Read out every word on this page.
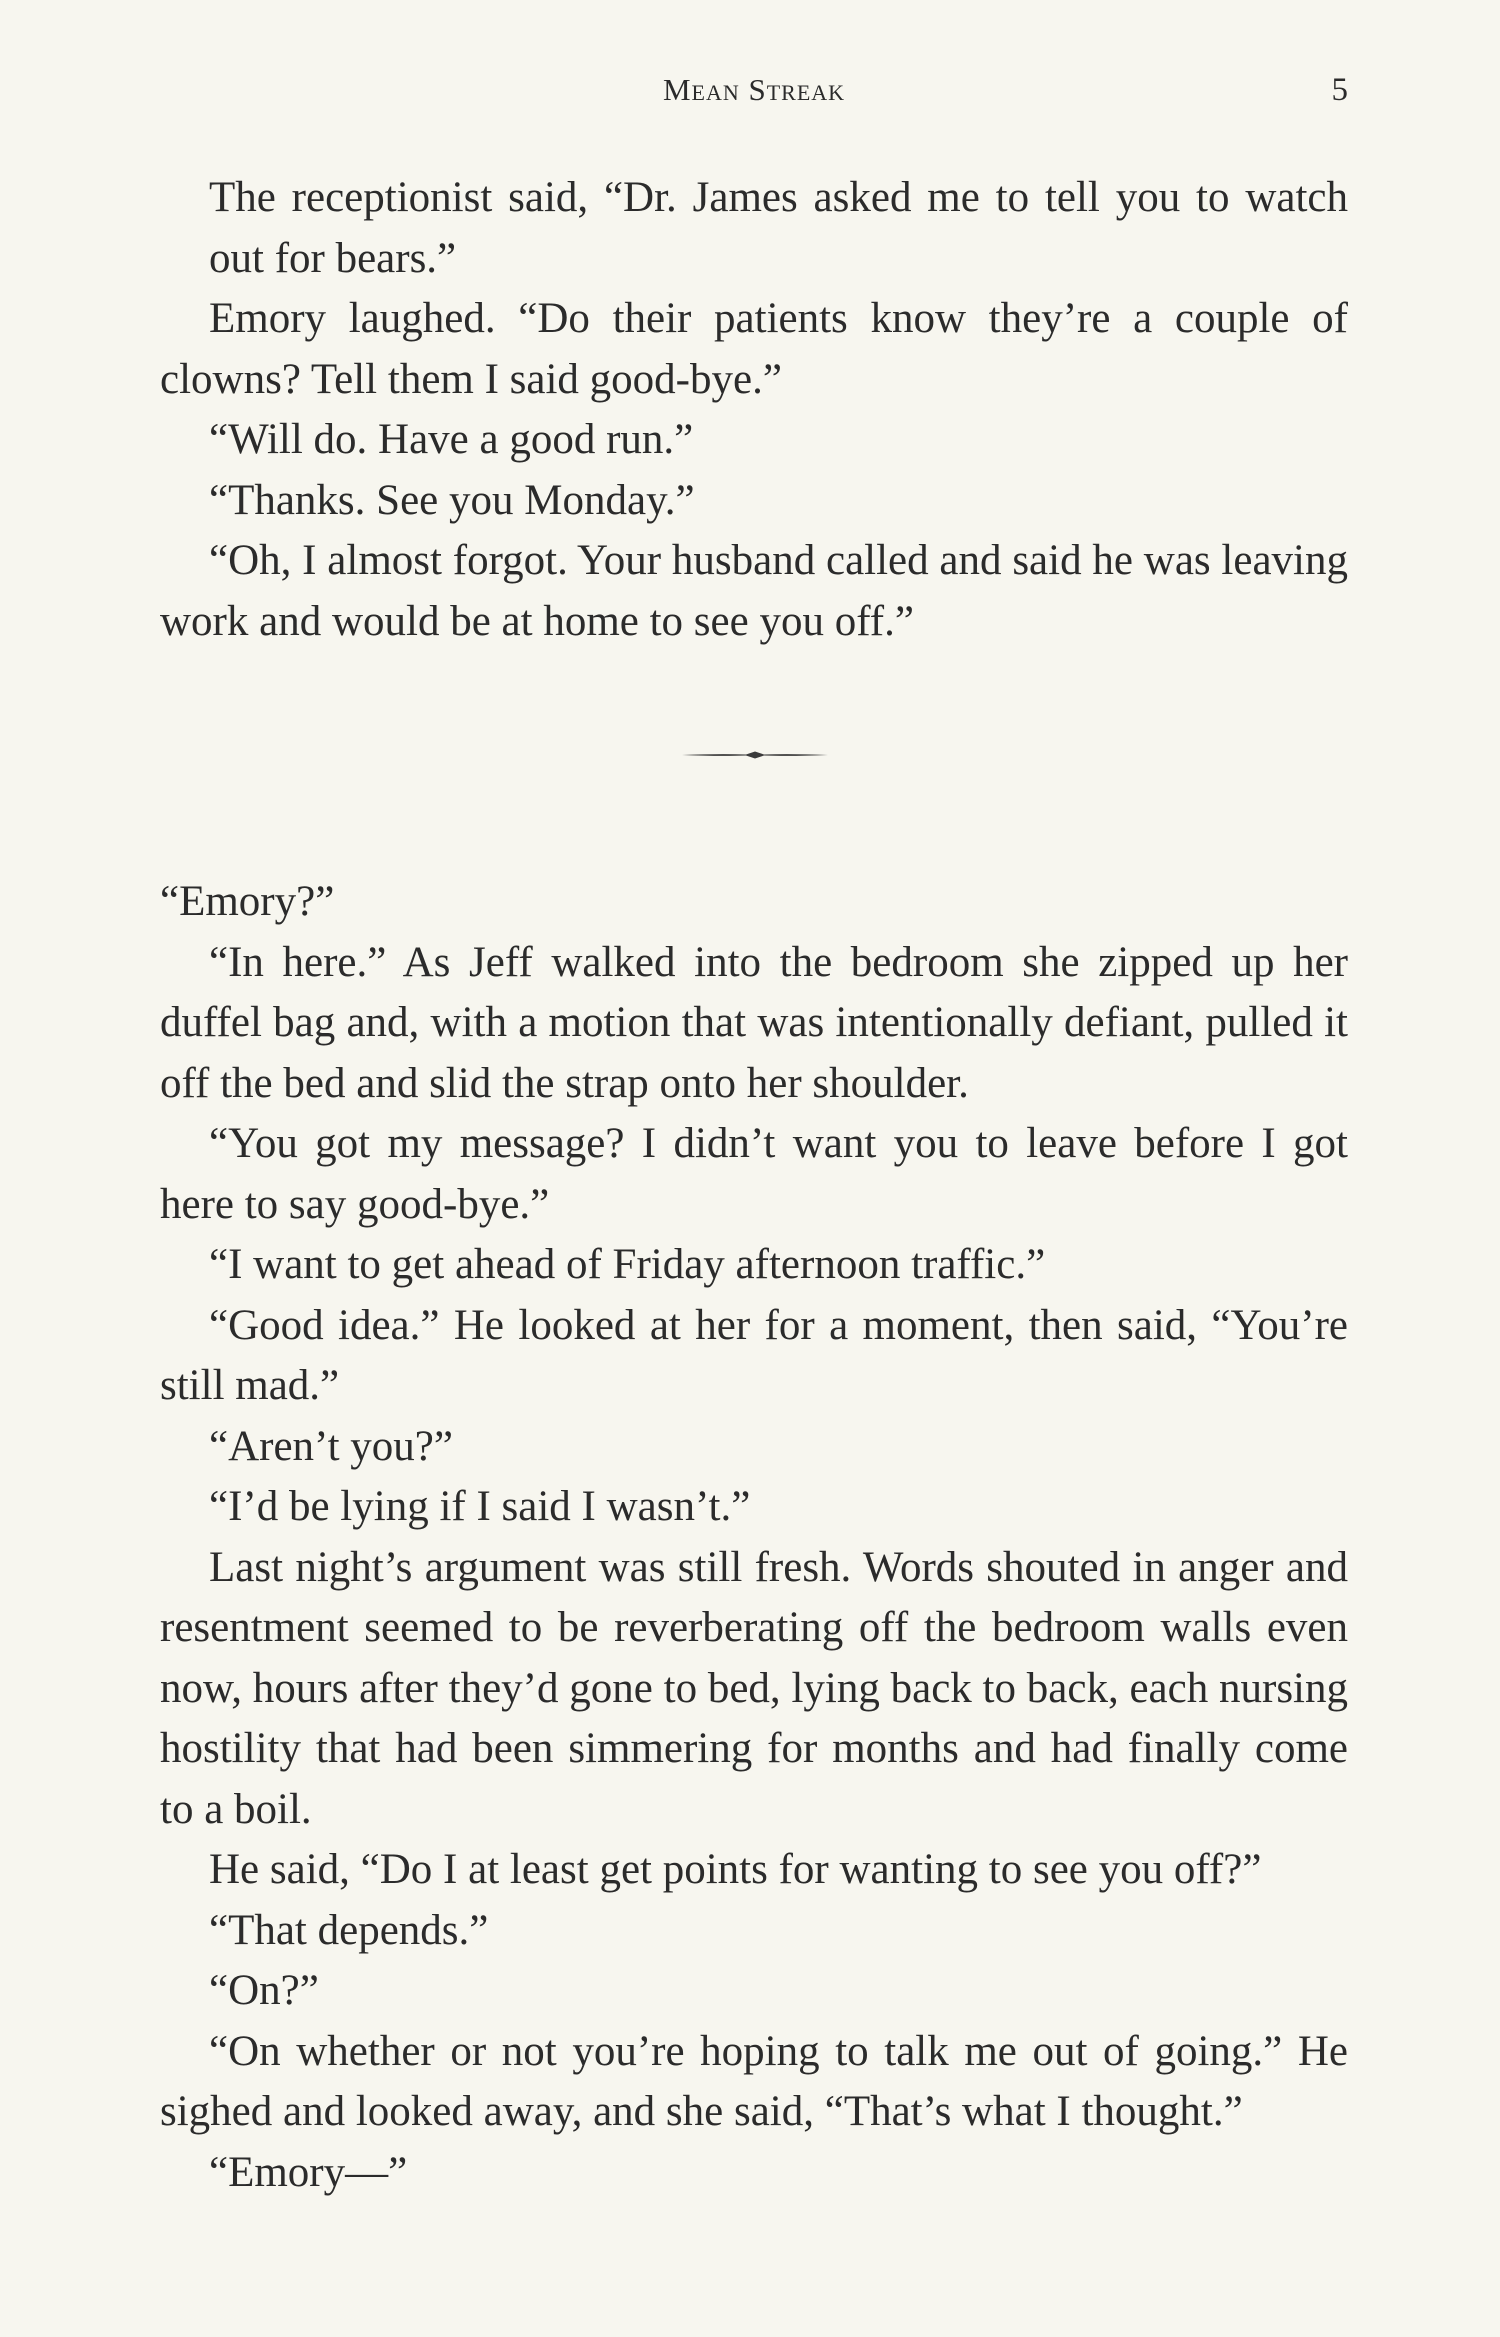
Mean Streak	5

The receptionist said, “Dr. James asked me to tell you to watch out for bears.”

Emory laughed. “Do their patients know they’re a couple of clowns? Tell them I said good-bye.”

“Will do. Have a good run.”

“Thanks. See you Monday.”

“Oh, I almost forgot. Your husband called and said he was leaving work and would be at home to see you off.”

“Emory?”

“In here.” As Jeff walked into the bedroom she zipped up her duffel bag and, with a motion that was intentionally defiant, pulled it off the bed and slid the strap onto her shoulder.

“You got my message? I didn’t want you to leave before I got here to say good-bye.”

“I want to get ahead of Friday afternoon traffic.”

“Good idea.” He looked at her for a moment, then said, “You’re still mad.”

“Aren’t you?”

“I’d be lying if I said I wasn’t.”

Last night’s argument was still fresh. Words shouted in anger and resentment seemed to be reverberating off the bedroom walls even now, hours after they’d gone to bed, lying back to back, each nursing hostility that had been simmering for months and had finally come to a boil.

He said, “Do I at least get points for wanting to see you off?”

“That depends.”

“On?”

“On whether or not you’re hoping to talk me out of going.” He sighed and looked away, and she said, “That’s what I thought.”

“Emory—”
